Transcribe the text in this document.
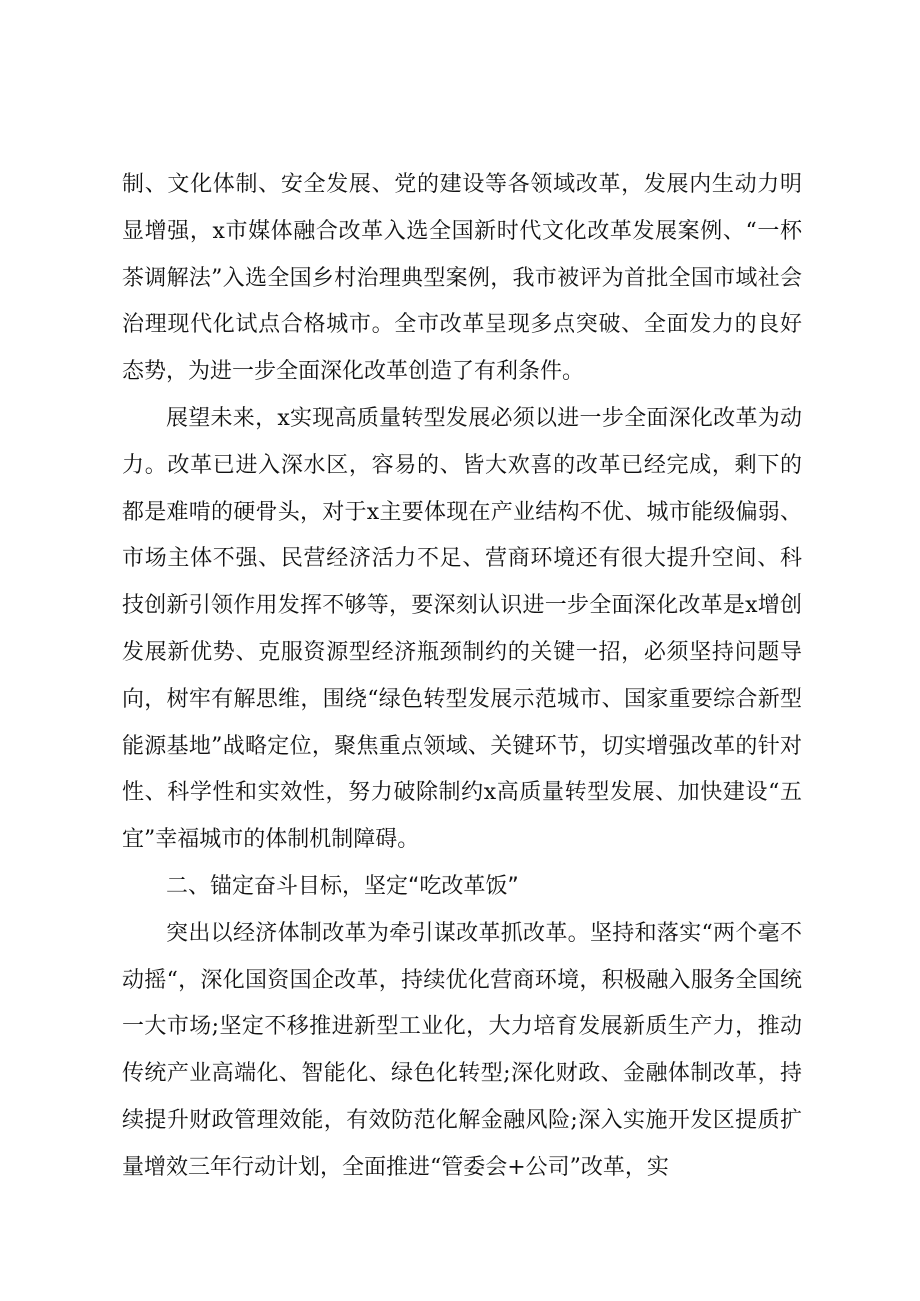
制、文化体制、安全发展、党的建设等各领域改革，发展内生动力明显增强，x市媒体融合改革入选全国新时代文化改革发展案例、“一杯茶调解法”入选全国乡村治理典型案例，我市被评为首批全国市域社会治理现代化试点合格城市。全市改革呈现多点突破、全面发力的良好态势，为进一步全面深化改革创造了有利条件。

展望未来，x实现高质量转型发展必须以进一步全面深化改革为动力。改革已进入深水区，容易的、皆大欢喜的改革已经完成，剩下的都是难啃的硬骨头，对于x主要体现在产业结构不优、城市能级偏弱、市场主体不强、民营经济活力不足、营商环境还有很大提升空间、科技创新引领作用发挥不够等，要深刻认识进一步全面深化改革是x增创发展新优势、克服资源型经济瓶颈制约的关键一招，必须坚持问题导向，树牢有解思维，围绕“绿色转型发展示范城市、国家重要综合新型能源基地”战略定位，聚焦重点领域、关键环节，切实增强改革的针对性、科学性和实效性，努力破除制约x高质量转型发展、加快建设“五宜”幸福城市的体制机制障碍。

二、锚定奋斗目标，坚定“吃改革饭”

突出以经济体制改革为牵引谋改革抓改革。坚持和落实“两个毫不动摇“，深化国资国企改革，持续优化营商环境，积极融入服务全国统一大市场;坚定不移推进新型工业化，大力培育发展新质生产力，推动传统产业高端化、智能化、绿色化转型;深化财政、金融体制改革，持续提升财政管理效能，有效防范化解金融风险;深入实施开发区提质扩量增效三年行动计划，全面推进“管委会+公司”改革，实
